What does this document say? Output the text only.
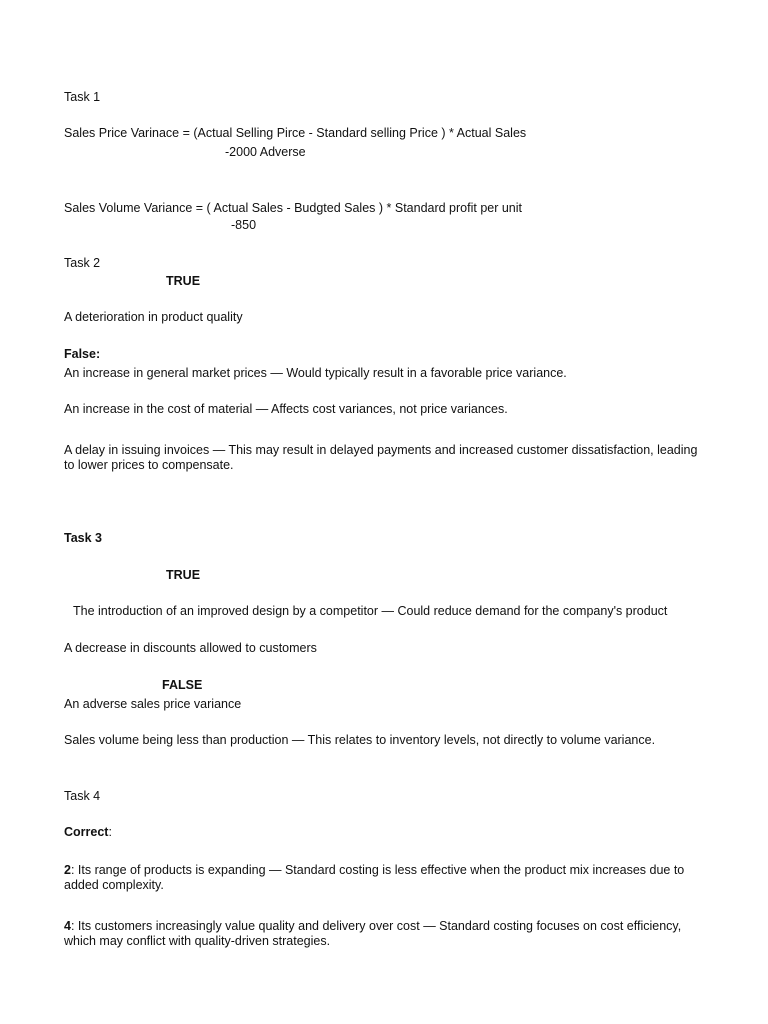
Task 1
Sales Price Varinace = (Actual Selling Pirce - Standard selling Price ) * Actual Sales
-2000 Adverse
Sales Volume Variance = ( Actual Sales - Budgted Sales ) * Standard profit per unit
-850
Task 2
TRUE
A deterioration in product quality
False:
An increase in general market prices — Would typically result in a favorable price variance.
An increase in the cost of material — Affects cost variances, not price variances.
A delay in issuing invoices — This may result in delayed payments and increased customer dissatisfaction, leading to lower prices to compensate.
Task 3
TRUE
The introduction of an improved design by a competitor — Could reduce demand for the company's product
A decrease in discounts allowed to customers
FALSE
An adverse sales price variance
Sales volume being less than production — This relates to inventory levels, not directly to volume variance.
Task 4
Correct:
2: Its range of products is expanding — Standard costing is less effective when the product mix increases due to added complexity.
4: Its customers increasingly value quality and delivery over cost — Standard costing focuses on cost efficiency, which may conflict with quality-driven strategies.
